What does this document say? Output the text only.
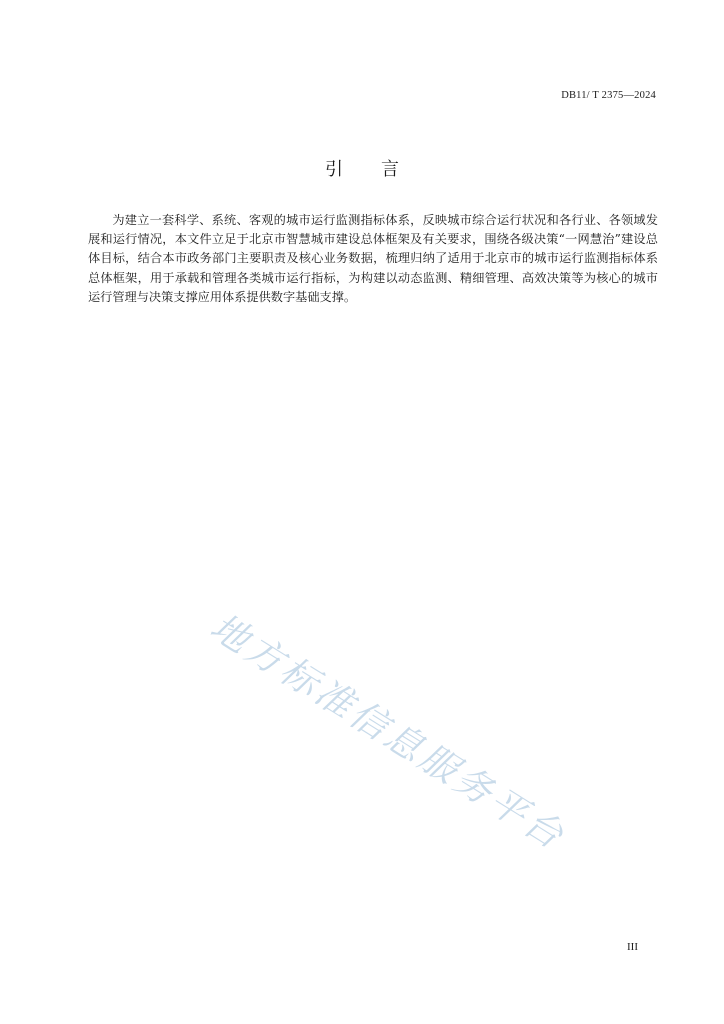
DB11/ T 2375—2024
引言

为建立一套科学、系统、客观的城市运行监测指标体系，反映城市综合运行状况和各行业、各领域发展和运行情况，本文件立足于北京市智慧城市建设总体框架及有关要求，围绕各级决策“一网慧治”建设总体目标，结合本市政务部门主要职责及核心业务数据，梳理归纳了适用于北京市的城市运行监测指标体系总体框架，用于承载和管理各类城市运行指标，为构建以动态监测、精细管理、高效决策等为核心的城市运行管理与决策支撑应用体系提供数字基础支撑。

地方标准信息服务平台
III
